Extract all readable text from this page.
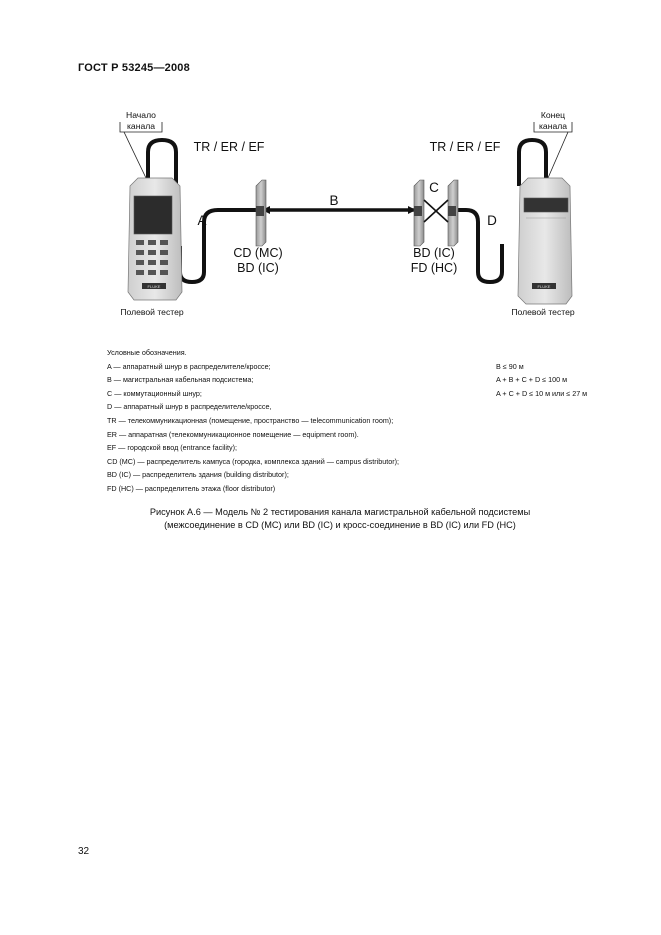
ГОСТ Р 53245—2008
Начало
канала
Конец
канала
FLUKE	FLUKE
TR / ER / EF	TR / ER / EF
A
B
C
D
CD (MC)
BD (IC)
BD (IC)
FD (HC)
Полевой тестер	Полевой тестер
Условные обозначения.
A — аппаратный шнур в распределителе/кроссе;	B ≤ 90 м
B — магистральная кабельная подсистема;	A + B + C + D ≤ 100 м
C — коммутационный шнур;	A + C + D ≤ 10 м или ≤ 27 м
D — аппаратный шнур в распределителе/кроссе,
TR — телекоммуникационная (помещение, пространство — telecommunication room);
ER — аппаратная (телекоммуникационное помещение — equipment room).
EF — городской ввод (entrance facility);
CD (MC) — распределитель кампуса (городка, комплекса зданий — campus distributor);
BD (IC) — распределитель здания (building distributor);
FD (HC) — распределитель этажа (floor distributor)
Рисунок А.6 — Модель № 2 тестирования канала магистральной кабельной подсистемы
(межсоединение в CD (MC) или BD (IC) и кросс-соединение в BD (IC) или FD (HC)
32
